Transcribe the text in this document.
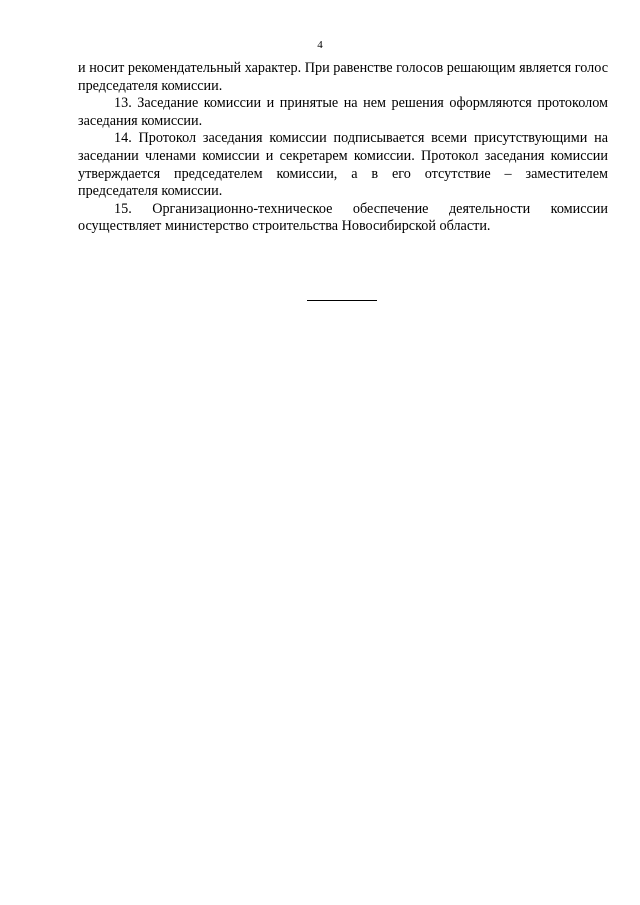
4

и носит рекомендательный характер. При равенстве голосов решающим является голос председателя комиссии.

13. Заседание комиссии и принятые на нем решения оформляются протоколом заседания комиссии.

14. Протокол заседания комиссии подписывается всеми присутствующими на заседании членами комиссии и секретарем комиссии. Протокол заседания комиссии утверждается председателем комиссии, а в его отсутствие – заместителем председателя комиссии.

15. Организационно-техническое обеспечение деятельности комиссии осуществляет министерство строительства Новосибирской области.
